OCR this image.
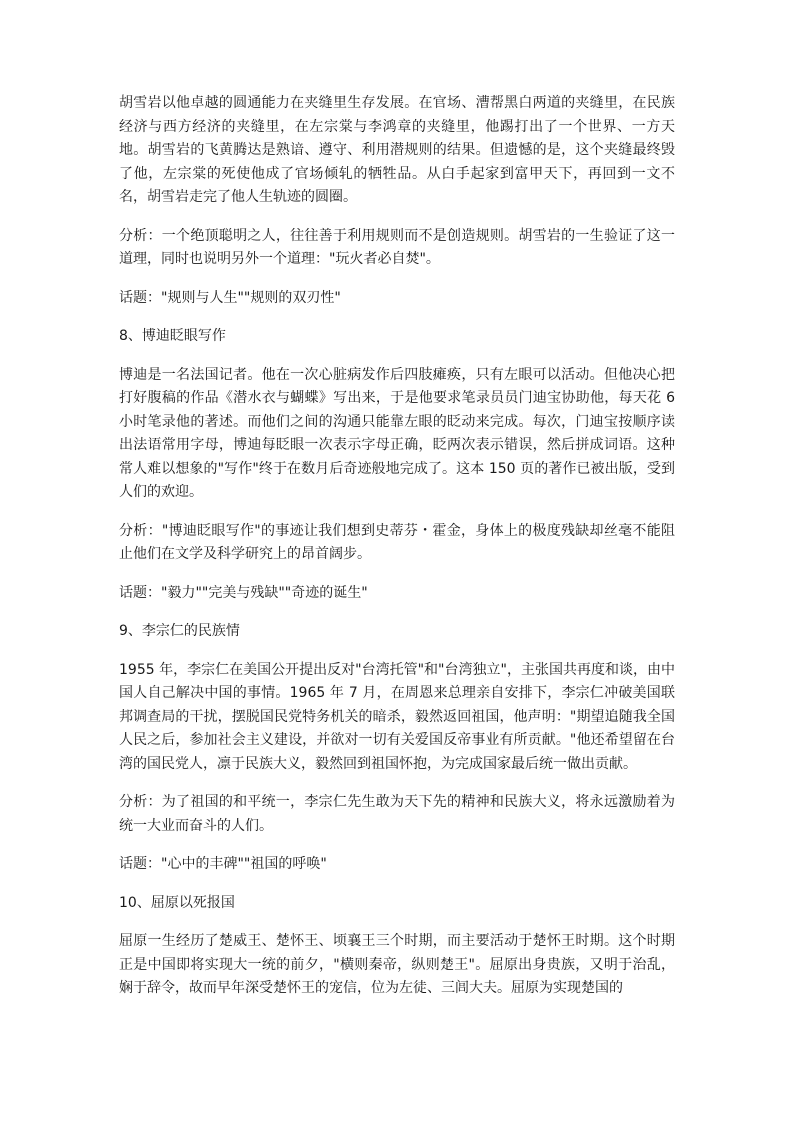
胡雪岩以他卓越的圆通能力在夹缝里生存发展。在官场、漕帮黑白两道的夹缝里，在民族经济与西方经济的夹缝里，在左宗棠与李鸿章的夹缝里，他踢打出了一个世界、一方天地。胡雪岩的飞黄腾达是熟谙、遵守、利用潜规则的结果。但遗憾的是，这个夹缝最终毁了他，左宗棠的死使他成了官场倾轧的牺牲品。从白手起家到富甲天下，再回到一文不名，胡雪岩走完了他人生轨迹的圆圈。

分析：一个绝顶聪明之人，往往善于利用规则而不是创造规则。胡雪岩的一生验证了这一道理，同时也说明另外一个道理："玩火者必自焚"。

话题："规则与人生""规则的双刃性"

8、博迪眨眼写作

博迪是一名法国记者。他在一次心脏病发作后四肢瘫痪，只有左眼可以活动。但他决心把打好腹稿的作品《潜水衣与蝴蝶》写出来，于是他要求笔录员员门迪宝协助他，每天花 6 小时笔录他的著述。而他们之间的沟通只能靠左眼的眨动来完成。每次，门迪宝按顺序读出法语常用字母，博迪每眨眼一次表示字母正确，眨两次表示错误，然后拼成词语。这种常人难以想象的"写作"终于在数月后奇迹般地完成了。这本 150 页的著作已被出版，受到人们的欢迎。

分析："博迪眨眼写作"的事迹让我们想到史蒂芬・霍金，身体上的极度残缺却丝毫不能阻止他们在文学及科学研究上的昂首阔步。

话题："毅力""完美与残缺""奇迹的诞生"

9、李宗仁的民族情

1955 年，李宗仁在美国公开提出反对"台湾托管"和"台湾独立"，主张国共再度和谈，由中国人自己解决中国的事情。1965 年 7 月，在周恩来总理亲自安排下，李宗仁冲破美国联邦调查局的干扰，摆脱国民党特务机关的暗杀，毅然返回祖国，他声明："期望追随我全国人民之后，参加社会主义建设，并欲对一切有关爱国反帝事业有所贡献。"他还希望留在台湾的国民党人，凛于民族大义，毅然回到祖国怀抱，为完成国家最后统一做出贡献。

分析：为了祖国的和平统一，李宗仁先生敢为天下先的精神和民族大义，将永远激励着为统一大业而奋斗的人们。

话题："心中的丰碑""祖国的呼唤"

10、屈原以死报国

屈原一生经历了楚威王、楚怀王、顷襄王三个时期，而主要活动于楚怀王时期。这个时期正是中国即将实现大一统的前夕，"横则秦帝，纵则楚王"。屈原出身贵族，又明于治乱，娴于辞令，故而早年深受楚怀王的宠信，位为左徒、三闾大夫。屈原为实现楚国的
